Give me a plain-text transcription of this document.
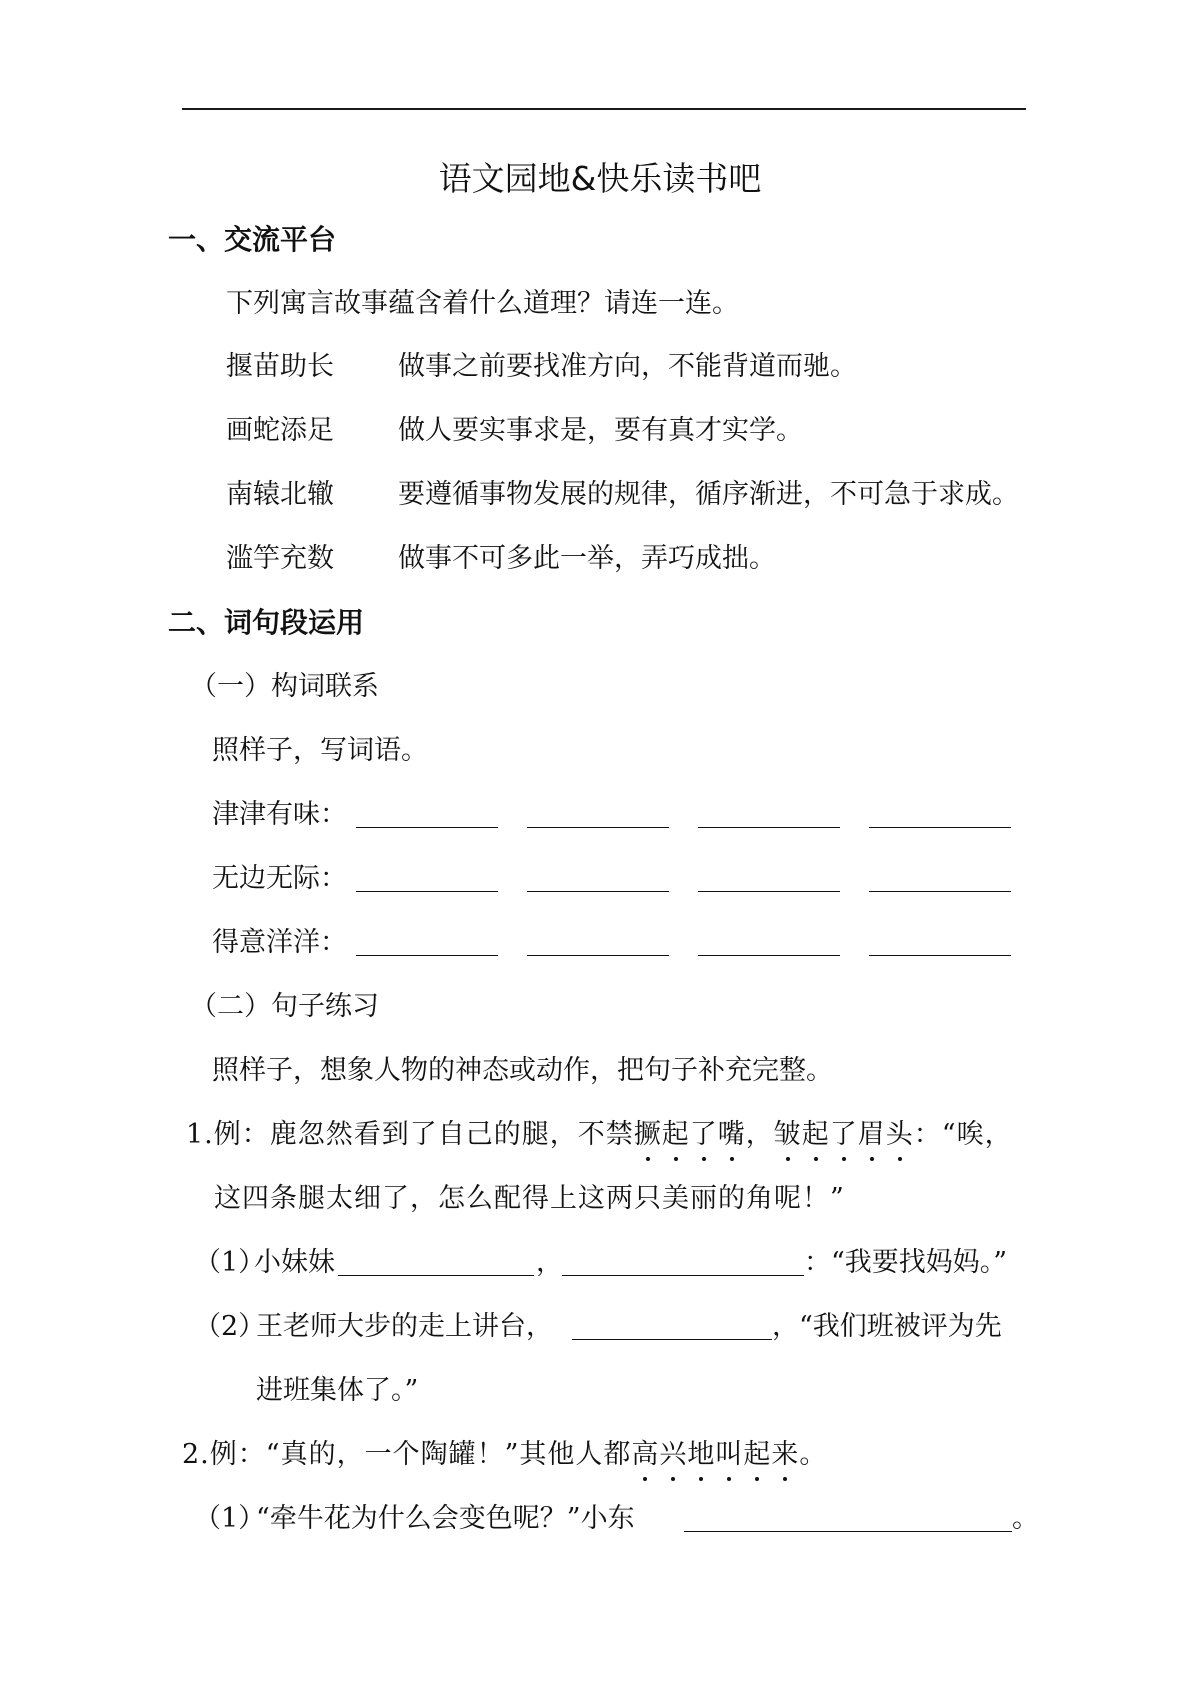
语文园地&快乐读书吧
一、交流平台
下列寓言故事蕴含着什么道理？请连一连。
揠苗助长 做事之前要找准方向，不能背道而驰。
画蛇添足 做人要实事求是，要有真才实学。
南辕北辙 要遵循事物发展的规律，循序渐进，不可急于求成。
滥竽充数 做事不可多此一举，弄巧成拙。
二、词句段运用
（一）构词联系
照样子，写词语。
津津有味：
无边无际：
得意洋洋：
（二）句子练习
照样子，想象人物的神态或动作，把句子补充完整。
1.例：鹿忽然看到了自己的腿，不禁撅起了嘴，皱起了眉头：“唉，
这四条腿太细了，怎么配得上这两只美丽的角呢！”
（1）
小妹妹	，	：“我要找妈妈。”
（2）
王老师大步的走上讲台，	，“我们班被评为先
进班集体了。”
2.例：“真的，一个陶罐！”其他人都高兴地叫起来。
（1）
“牵牛花为什么会变色呢？”小东	。
